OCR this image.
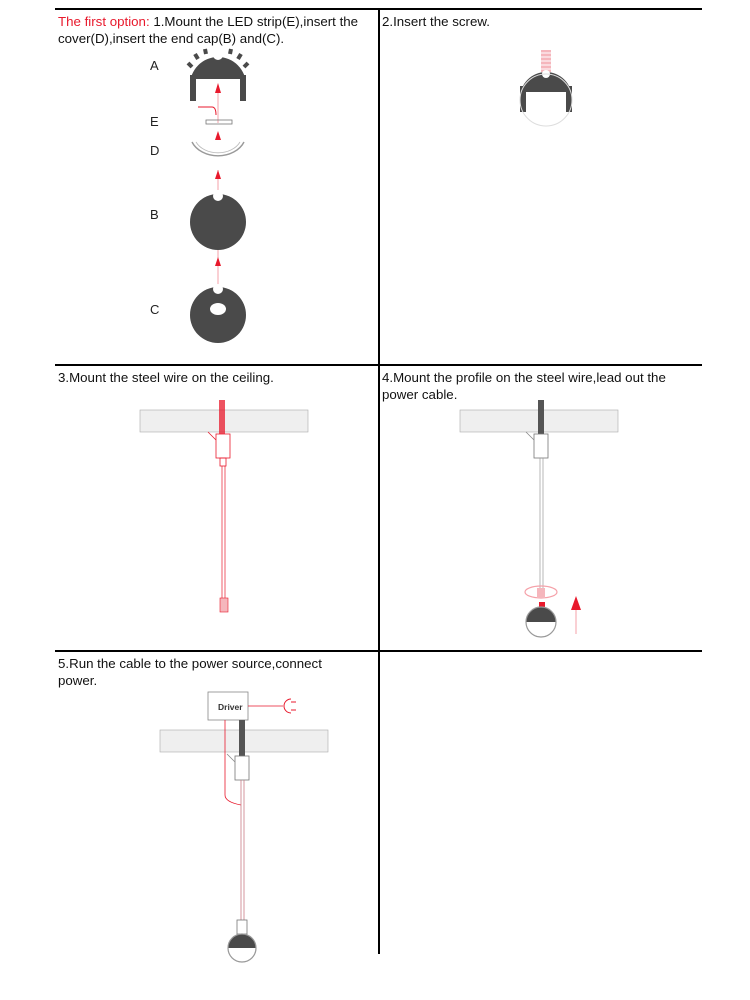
The first option: 1.Mount the LED strip(E),insert the cover(D),insert the end cap(B) and(C).
A
E
D
B
C
2.Insert the screw.
3.Mount the steel wire on the ceiling.	4.Mount the profile on the steel wire,lead out the power cable.
5.Run the cable to the power source,connect power.
Driver
